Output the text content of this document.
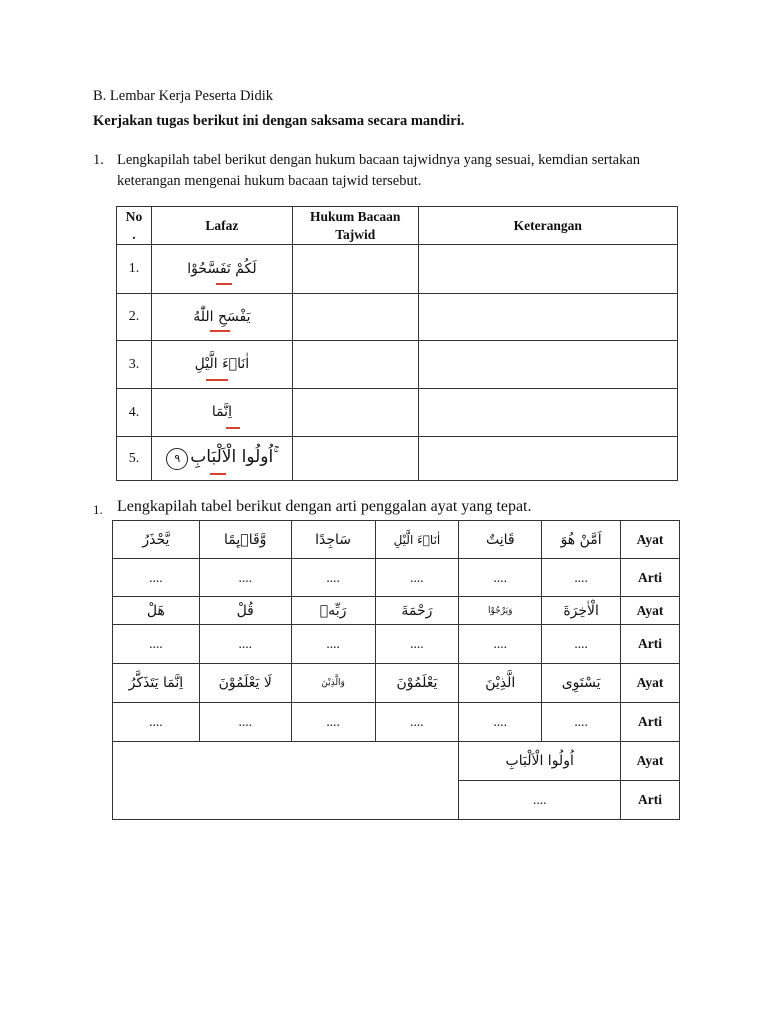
B. Lembar Kerja Peserta Didik
Kerjakan tugas berikut ini dengan saksama secara mandiri.
1. Lengkapilah tabel berikut dengan hukum bacaan tajwidnya yang sesuai, kemdian sertakan
keterangan mengenai hukum bacaan tajwid tersebut.
No
.	Lafaz	Hukum Bacaan Tajwid	Keterangan
1.	لَكُمْ تَفَسَّحُوْا

2.	يَفْسَحِ اللّٰهُ

3.	اٰنَاۤءَ الَّيْلِ

4.	اِنَّمَا

5.	٩ اُولُوا الْاَلْبَابِ ۚ

1. Lengkapilah tabel berikut dengan arti penggalan ayat yang tepat.
يَّحْذَرُ	وَّقَاۤىِٕمًا	سَاجِدًا	اٰنَاۤءَ الَّيْلِ	قَانِتٌ	اَمَّنْ هُوَ	Ayat
....	....	....	....	....	....	Arti
هَلْ	قُلْ	رَبِّهٖ	رَحْمَةَ	وَيَرْجُوْا	الْاٰخِرَةَ	Ayat
....	....	....	....	....	....	Arti
اِنَّمَا يَتَذَكَّرُ	لَا يَعْلَمُوْنَ	وَالَّذِيْنَ	يَعْلَمُوْنَ	الَّذِيْنَ	يَسْتَوِى	Ayat
....	....	....	....	....	....	Arti
				اُولُوا الْاَلْبَابِ		Ayat
				....		Arti
